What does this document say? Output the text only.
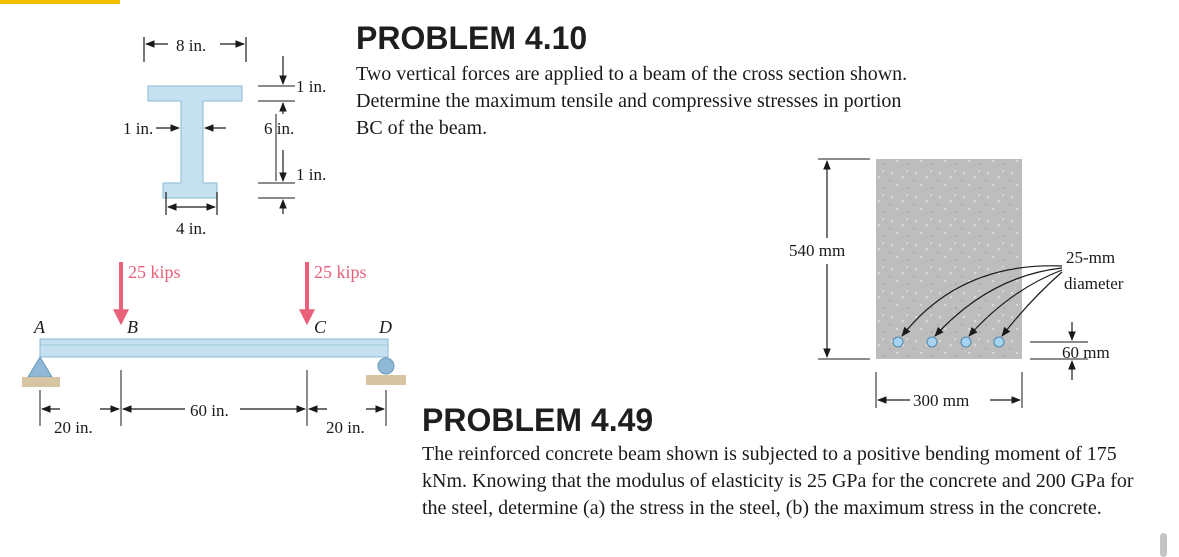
8 in.
1 in.
6 in.
1 in.
1 in.
4 in.
25 kips	25 kips
A	B	C	D
20 in.
60 in.
20 in.
540 mm	25-mm
diameter
60 mm
300 mm
PROBLEM 4.10

Two vertical forces are applied to a beam of the cross section shown. Determine the maximum tensile and compressive stresses in portion BC of the beam.

PROBLEM 4.49

The reinforced concrete beam shown is subjected to a positive bending moment of 175 kNm. Knowing that the modulus of elasticity is 25 GPa for the concrete and 200 GPa for the steel, determine (a) the stress in the steel, (b) the maximum stress in the concrete.
